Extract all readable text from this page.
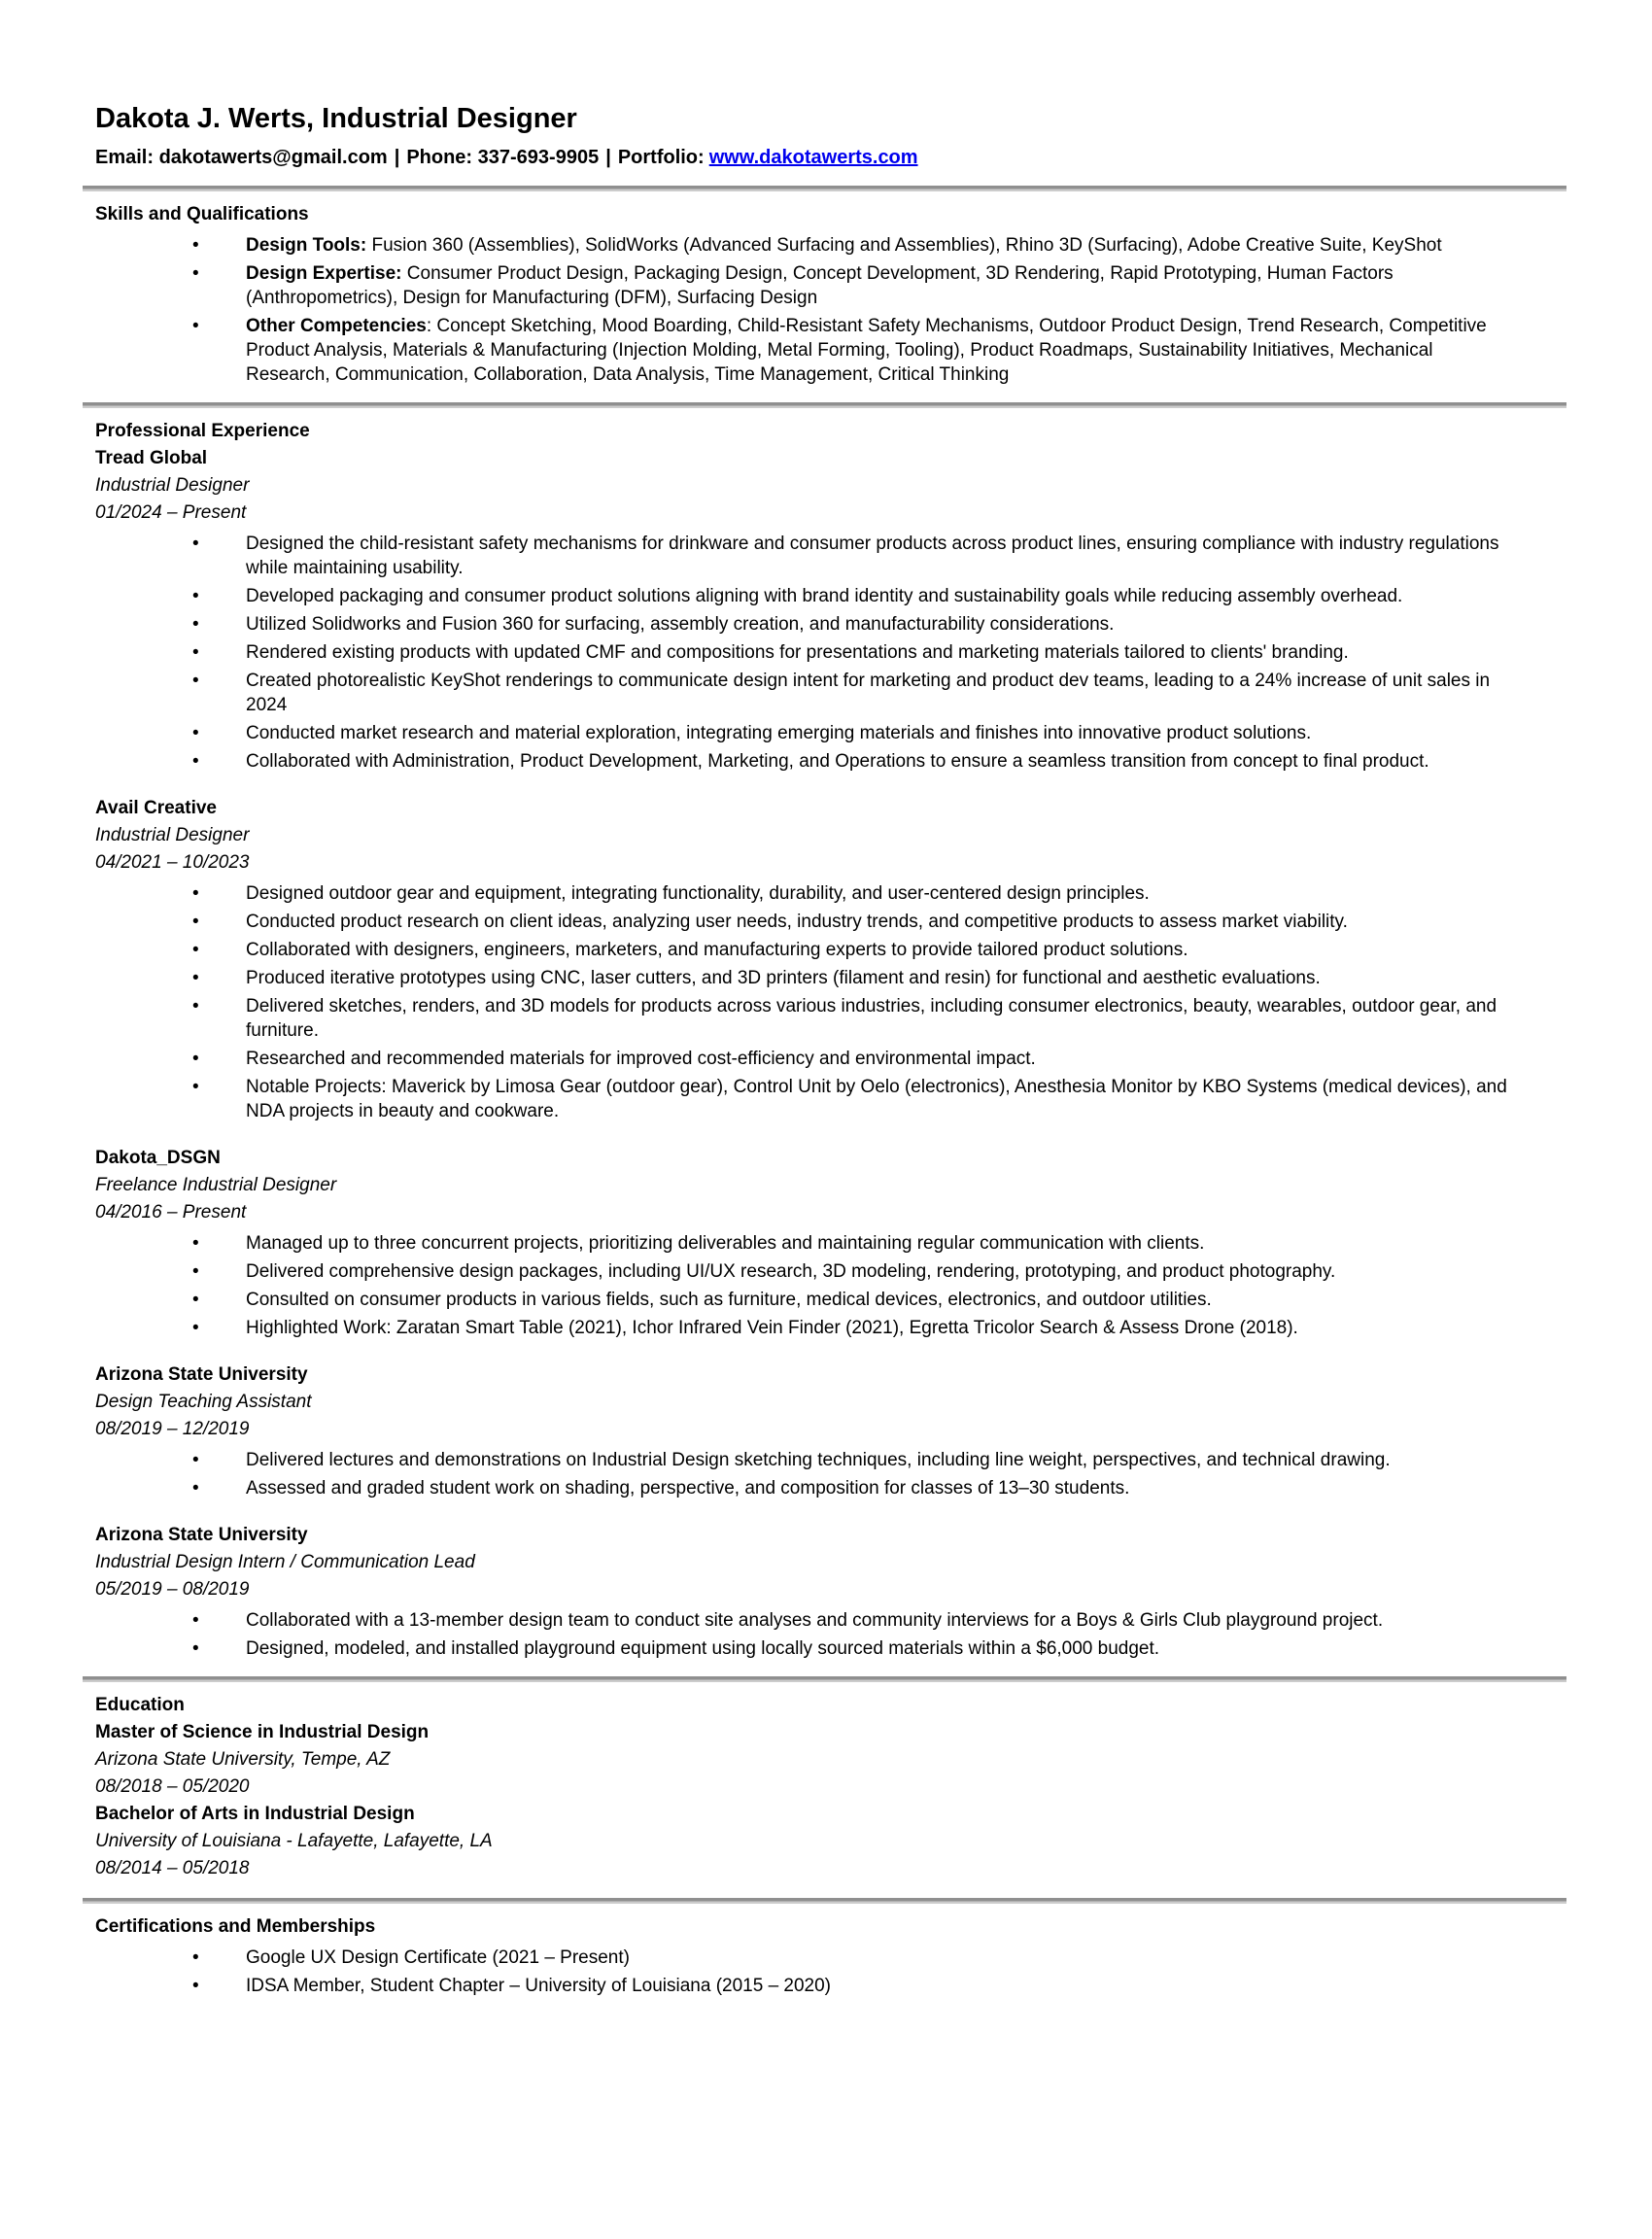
Dakota J. Werts, Industrial Designer

Email: dakotawerts@gmail.com | Phone: 337-693-9905 | Portfolio: www.dakotawerts.com

Skills and Qualifications
• Design Tools: Fusion 360 (Assemblies), SolidWorks (Advanced Surfacing and Assemblies), Rhino 3D (Surfacing), Adobe Creative Suite, KeyShot
• Design Expertise: Consumer Product Design, Packaging Design, Concept Development, 3D Rendering, Rapid Prototyping, Human Factors (Anthropometrics), Design for Manufacturing (DFM), Surfacing Design
• Other Competencies: Concept Sketching, Mood Boarding, Child-Resistant Safety Mechanisms, Outdoor Product Design, Trend Research, Competitive Product Analysis, Materials & Manufacturing (Injection Molding, Metal Forming, Tooling), Product Roadmaps, Sustainability Initiatives, Mechanical Research, Communication, Collaboration, Data Analysis, Time Management, Critical Thinking
Professional Experience
Tread Global
Industrial Designer
01/2024 – Present
• Designed the child-resistant safety mechanisms for drinkware and consumer products across product lines, ensuring compliance with industry regulations while maintaining usability.
• Developed packaging and consumer product solutions aligning with brand identity and sustainability goals while reducing assembly overhead.
• Utilized Solidworks and Fusion 360 for surfacing, assembly creation, and manufacturability considerations.
• Rendered existing products with updated CMF and compositions for presentations and marketing materials tailored to clients' branding.
• Created photorealistic KeyShot renderings to communicate design intent for marketing and product dev teams, leading to a 24% increase of unit sales in 2024
• Conducted market research and material exploration, integrating emerging materials and finishes into innovative product solutions.
• Collaborated with Administration, Product Development, Marketing, and Operations to ensure a seamless transition from concept to final product.
Avail Creative
Industrial Designer
04/2021 – 10/2023
• Designed outdoor gear and equipment, integrating functionality, durability, and user-centered design principles.
• Conducted product research on client ideas, analyzing user needs, industry trends, and competitive products to assess market viability.
• Collaborated with designers, engineers, marketers, and manufacturing experts to provide tailored product solutions.
• Produced iterative prototypes using CNC, laser cutters, and 3D printers (filament and resin) for functional and aesthetic evaluations.
• Delivered sketches, renders, and 3D models for products across various industries, including consumer electronics, beauty, wearables, outdoor gear, and furniture.
• Researched and recommended materials for improved cost-efficiency and environmental impact.
• Notable Projects: Maverick by Limosa Gear (outdoor gear), Control Unit by Oelo (electronics), Anesthesia Monitor by KBO Systems (medical devices), and NDA projects in beauty and cookware.
Dakota_DSGN
Freelance Industrial Designer
04/2016 – Present
• Managed up to three concurrent projects, prioritizing deliverables and maintaining regular communication with clients.
• Delivered comprehensive design packages, including UI/UX research, 3D modeling, rendering, prototyping, and product photography.
• Consulted on consumer products in various fields, such as furniture, medical devices, electronics, and outdoor utilities.
• Highlighted Work: Zaratan Smart Table (2021), Ichor Infrared Vein Finder (2021), Egretta Tricolor Search & Assess Drone (2018).
Arizona State University
Design Teaching Assistant
08/2019 – 12/2019
• Delivered lectures and demonstrations on Industrial Design sketching techniques, including line weight, perspectives, and technical drawing.
• Assessed and graded student work on shading, perspective, and composition for classes of 13–30 students.
Arizona State University
Industrial Design Intern / Communication Lead
05/2019 – 08/2019
• Collaborated with a 13-member design team to conduct site analyses and community interviews for a Boys & Girls Club playground project.
• Designed, modeled, and installed playground equipment using locally sourced materials within a $6,000 budget.
Education
Master of Science in Industrial Design
Arizona State University, Tempe, AZ
08/2018 – 05/2020
Bachelor of Arts in Industrial Design
University of Louisiana - Lafayette, Lafayette, LA
08/2014 – 05/2018
Certifications and Memberships
• Google UX Design Certificate (2021 – Present)
• IDSA Member, Student Chapter – University of Louisiana (2015 – 2020)
